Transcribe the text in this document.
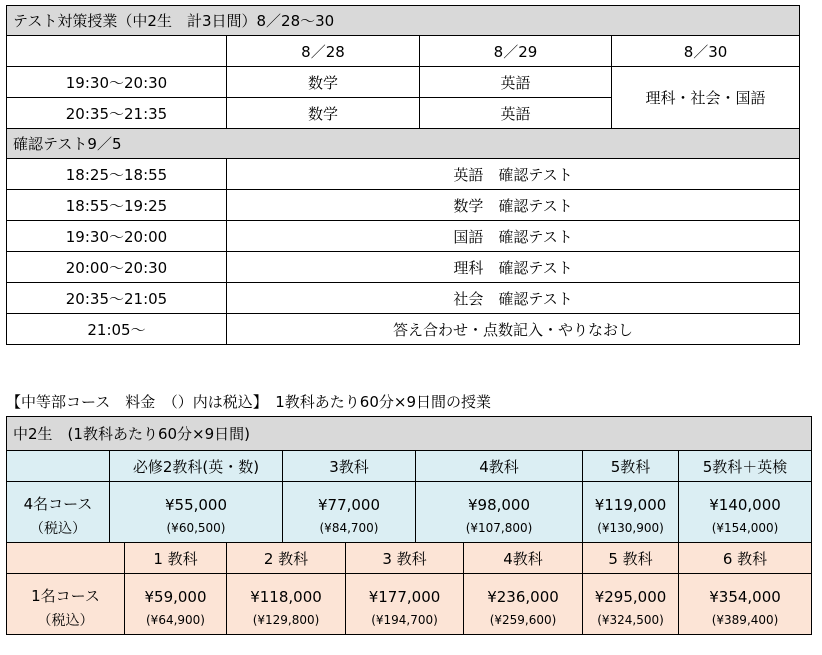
テスト対策授業（中2生　計3日間）8／28～30			
	8／28	8／29	8／30
19:30～20:30	数学	英語	理科・社会・国語
20:35～21:35	数学	英語	
確認テスト9／5			
18:25～18:55	英語　確認テスト		
18:55～19:25	数学　確認テスト		
19:30～20:00	国語　確認テスト		
20:00～20:30	理科　確認テスト		
20:35～21:05	社会　確認テスト		
21:05～	答え合わせ・点数記入・やりなおし		
【中等部コース　料金　（）内は税込】　1教科あたり60分×9日間の授業
中2生　(1教科あたり60分×9日間)									
	必修2教科(英・数)			3教科		4教科		5教科	5教科＋英検
4名コース	¥55,000			¥77,000		¥98,000		¥119,000	¥140,000
（税込）	(¥60,500)			(¥84,700)		(¥107,800)		(¥130,900)	(¥154,000)
		1 教科	2 教科		3 教科		4教科	5 教科	6 教科
1名コース		¥59,000	¥118,000		¥177,000		¥236,000	¥295,000	¥354,000
（税込）		(¥64,900)	(¥129,800)		(¥194,700)		(¥259,600)	(¥324,500)	(¥389,400)
